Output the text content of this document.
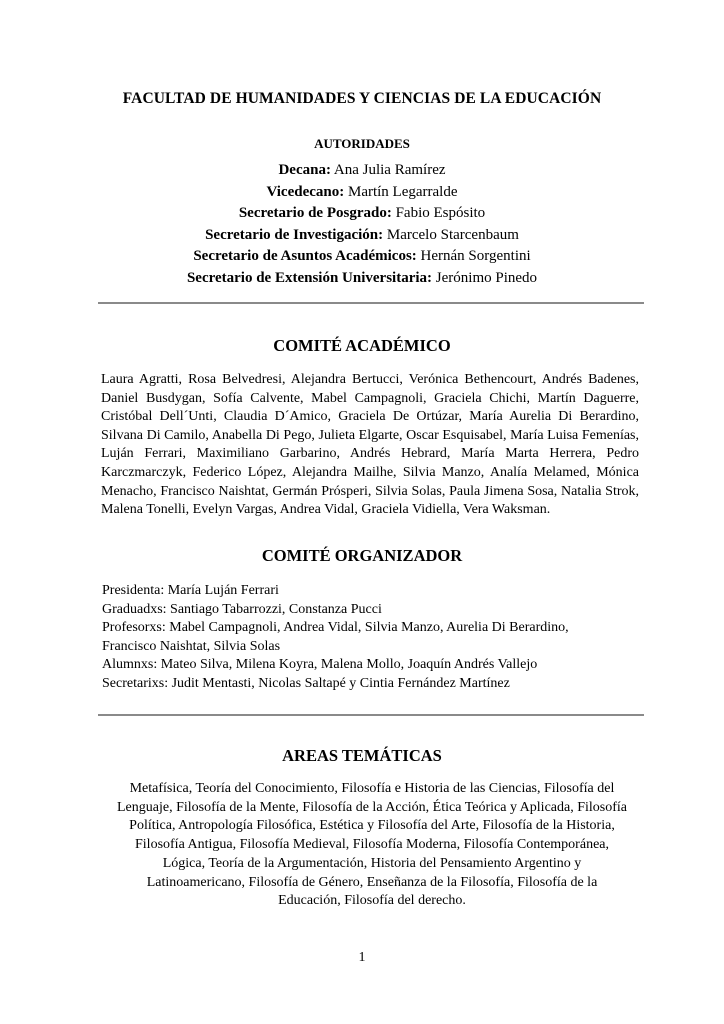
FACULTAD DE HUMANIDADES Y CIENCIAS DE LA EDUCACIÓN
AUTORIDADES
Decana: Ana Julia Ramírez
Vicedecano: Martín Legarralde
Secretario de Posgrado: Fabio Espósito
Secretario de Investigación: Marcelo Starcenbaum
Secretario de Asuntos Académicos: Hernán Sorgentini
Secretario de Extensión Universitaria: Jerónimo Pinedo
COMITÉ ACADÉMICO
Laura Agratti, Rosa Belvedresi, Alejandra Bertucci, Verónica Bethencourt, Andrés Badenes, Daniel Busdygan, Sofía Calvente, Mabel Campagnoli, Graciela Chichi, Martín Daguerre, Cristóbal Dell´Unti, Claudia D´Amico, Graciela De Ortúzar, María Aurelia Di Berardino, Silvana Di Camilo, Anabella Di Pego, Julieta Elgarte, Oscar Esquisabel, María Luisa Femenías, Luján Ferrari, Maximiliano Garbarino, Andrés Hebrard, María Marta Herrera, Pedro Karczmarczyk, Federico López, Alejandra Mailhe, Silvia Manzo, Analía Melamed, Mónica Menacho, Francisco Naishtat, Germán Prósperi, Silvia Solas, Paula Jimena Sosa, Natalia Strok, Malena Tonelli, Evelyn Vargas, Andrea Vidal, Graciela Vidiella, Vera Waksman.
COMITÉ ORGANIZADOR
Presidenta: María Luján Ferrari
Graduadxs: Santiago Tabarrozzi, Constanza Pucci
Profesorxs: Mabel Campagnoli, Andrea Vidal, Silvia Manzo, Aurelia Di Berardino,
Francisco Naishtat, Silvia Solas
Alumnxs: Mateo Silva, Milena Koyra, Malena Mollo, Joaquín Andrés Vallejo
Secretarixs: Judit Mentasti, Nicolas Saltapé y Cintia Fernández Martínez
AREAS TEMÁTICAS
Metafísica, Teoría del Conocimiento, Filosofía e Historia de las Ciencias, Filosofía del
Lenguaje, Filosofía de la Mente, Filosofía de la Acción, Ética Teórica y Aplicada, Filosofía
Política, Antropología Filosófica, Estética y Filosofía del Arte, Filosofía de la Historia,
Filosofía Antigua, Filosofía Medieval, Filosofía Moderna, Filosofía Contemporánea,
Lógica, Teoría de la Argumentación, Historia del Pensamiento Argentino y
Latinoamericano, Filosofía de Género, Enseñanza de la Filosofía, Filosofía de la
Educación, Filosofía del derecho.
1
